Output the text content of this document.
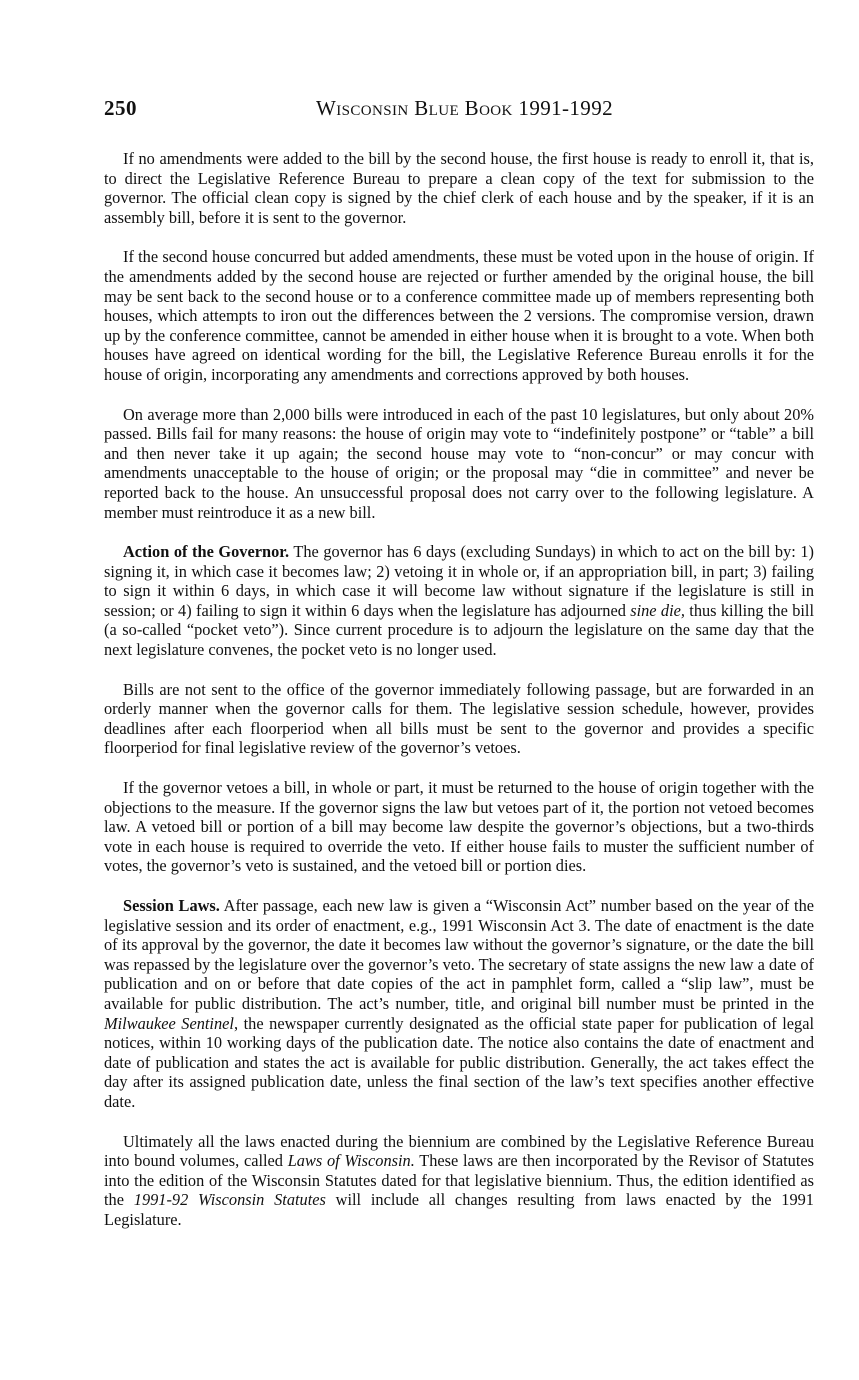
250	Wisconsin Blue Book 1991-1992

If no amendments were added to the bill by the second house, the first house is ready to enroll it, that is, to direct the Legislative Reference Bureau to prepare a clean copy of the text for submission to the governor. The official clean copy is signed by the chief clerk of each house and by the speaker, if it is an assembly bill, before it is sent to the governor.

If the second house concurred but added amendments, these must be voted upon in the house of origin. If the amendments added by the second house are rejected or further amended by the original house, the bill may be sent back to the second house or to a conference committee made up of members representing both houses, which attempts to iron out the differences between the 2 versions. The compromise version, drawn up by the conference committee, cannot be amended in either house when it is brought to a vote. When both houses have agreed on identical wording for the bill, the Legislative Reference Bureau enrolls it for the house of origin, incorporating any amendments and corrections approved by both houses.

On average more than 2,000 bills were introduced in each of the past 10 legislatures, but only about 20% passed. Bills fail for many reasons: the house of origin may vote to “indefinitely postpone” or “table” a bill and then never take it up again; the second house may vote to “non-concur” or may concur with amendments unacceptable to the house of origin; or the proposal may “die in committee” and never be reported back to the house. An unsuccessful proposal does not carry over to the following legislature. A member must reintroduce it as a new bill.

Action of the Governor. The governor has 6 days (excluding Sundays) in which to act on the bill by: 1) signing it, in which case it becomes law; 2) vetoing it in whole or, if an appropriation bill, in part; 3) failing to sign it within 6 days, in which case it will become law without signature if the legislature is still in session; or 4) failing to sign it within 6 days when the legislature has adjourned sine die, thus killing the bill (a so-called “pocket veto”). Since current procedure is to adjourn the legislature on the same day that the next legislature convenes, the pocket veto is no longer used.

Bills are not sent to the office of the governor immediately following passage, but are forwarded in an orderly manner when the governor calls for them. The legislative session schedule, however, provides deadlines after each floorperiod when all bills must be sent to the governor and provides a specific floorperiod for final legislative review of the governor’s vetoes.

If the governor vetoes a bill, in whole or part, it must be returned to the house of origin together with the objections to the measure. If the governor signs the law but vetoes part of it, the portion not vetoed becomes law. A vetoed bill or portion of a bill may become law despite the governor’s objections, but a two-thirds vote in each house is required to override the veto. If either house fails to muster the sufficient number of votes, the governor’s veto is sustained, and the vetoed bill or portion dies.

Session Laws. After passage, each new law is given a “Wisconsin Act” number based on the year of the legislative session and its order of enactment, e.g., 1991 Wisconsin Act 3. The date of enactment is the date of its approval by the governor, the date it becomes law without the governor’s signature, or the date the bill was repassed by the legislature over the governor’s veto. The secretary of state assigns the new law a date of publication and on or before that date copies of the act in pamphlet form, called a “slip law”, must be available for public distribution. The act’s number, title, and original bill number must be printed in the Milwaukee Sentinel, the newspaper currently designated as the official state paper for publication of legal notices, within 10 working days of the publication date. The notice also contains the date of enactment and date of publication and states the act is available for public distribution. Generally, the act takes effect the day after its assigned publication date, unless the final section of the law’s text specifies another effective date.

Ultimately all the laws enacted during the biennium are combined by the Legislative Reference Bureau into bound volumes, called Laws of Wisconsin. These laws are then incorporated by the Revisor of Statutes into the edition of the Wisconsin Statutes dated for that legislative biennium. Thus, the edition identified as the 1991-92 Wisconsin Statutes will include all changes resulting from laws enacted by the 1991 Legislature.
